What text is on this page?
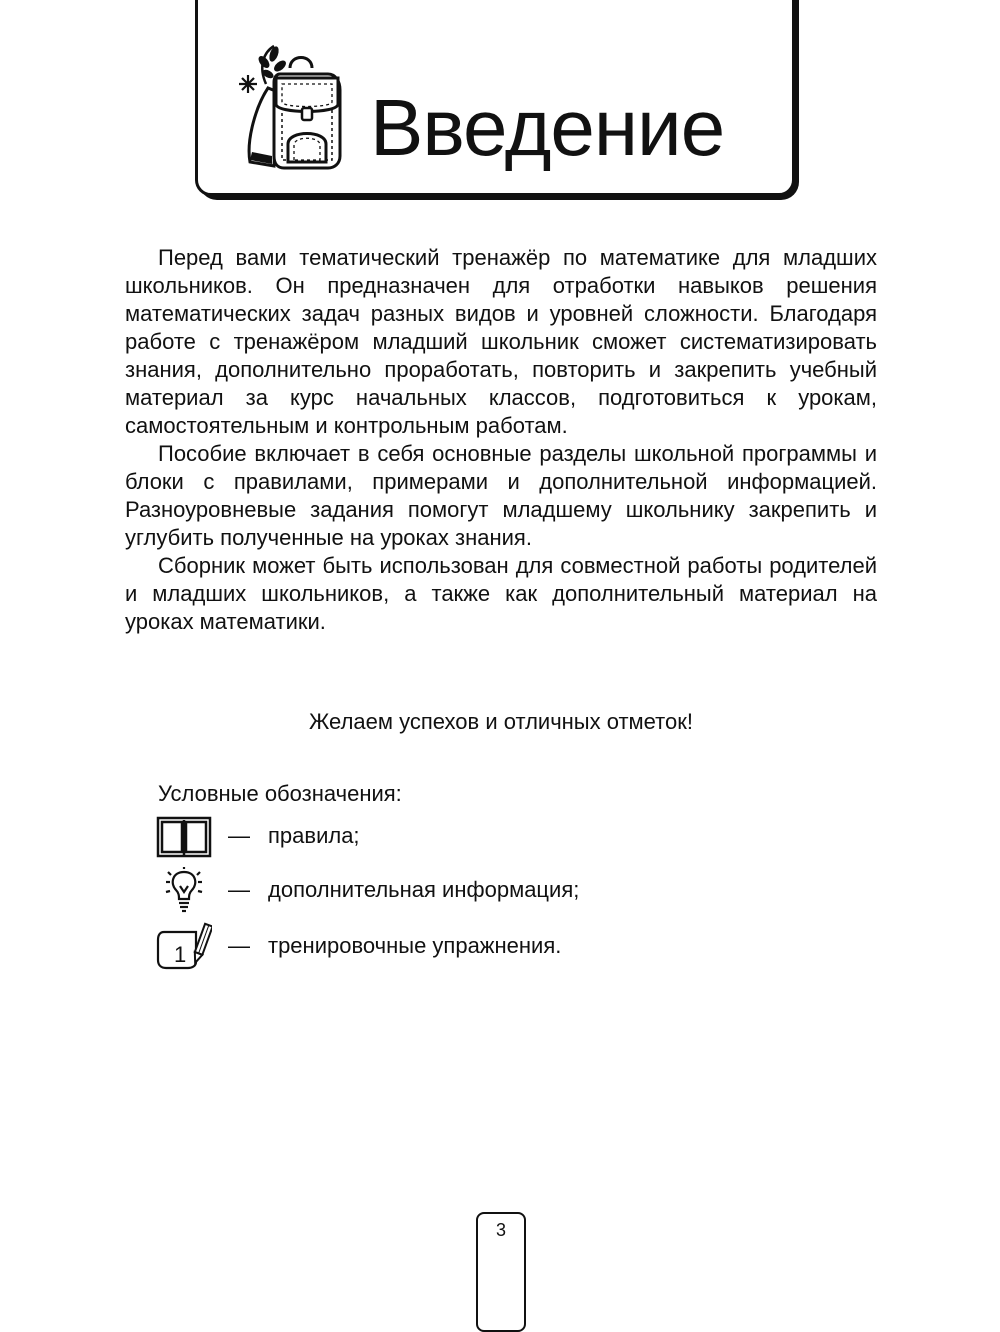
Введение

Перед вами тематический тренажёр по математике для младших школьников. Он предназначен для отработки навыков решения математических задач разных видов и уровней сложности. Благодаря работе с тренажёром младший школьник сможет систематизировать знания, дополнительно проработать, повторить и закрепить учебный материал за курс начальных классов, подготовиться к урокам, самостоятельным и контрольным работам.

Пособие включает в себя основные разделы школьной программы и блоки с правилами, примерами и дополнительной информацией. Разноуровневые задания помогут младшему школьнику закрепить и углубить полученные на уроках знания.

Сборник может быть использован для совместной работы родителей и младших школьников, а также как дополнительный материал на уроках математики.

Желаем успехов и отличных отметок!
Условные обозначения:
— правила;
— дополнительная информация;
1 — тренировочные упражнения.
3
